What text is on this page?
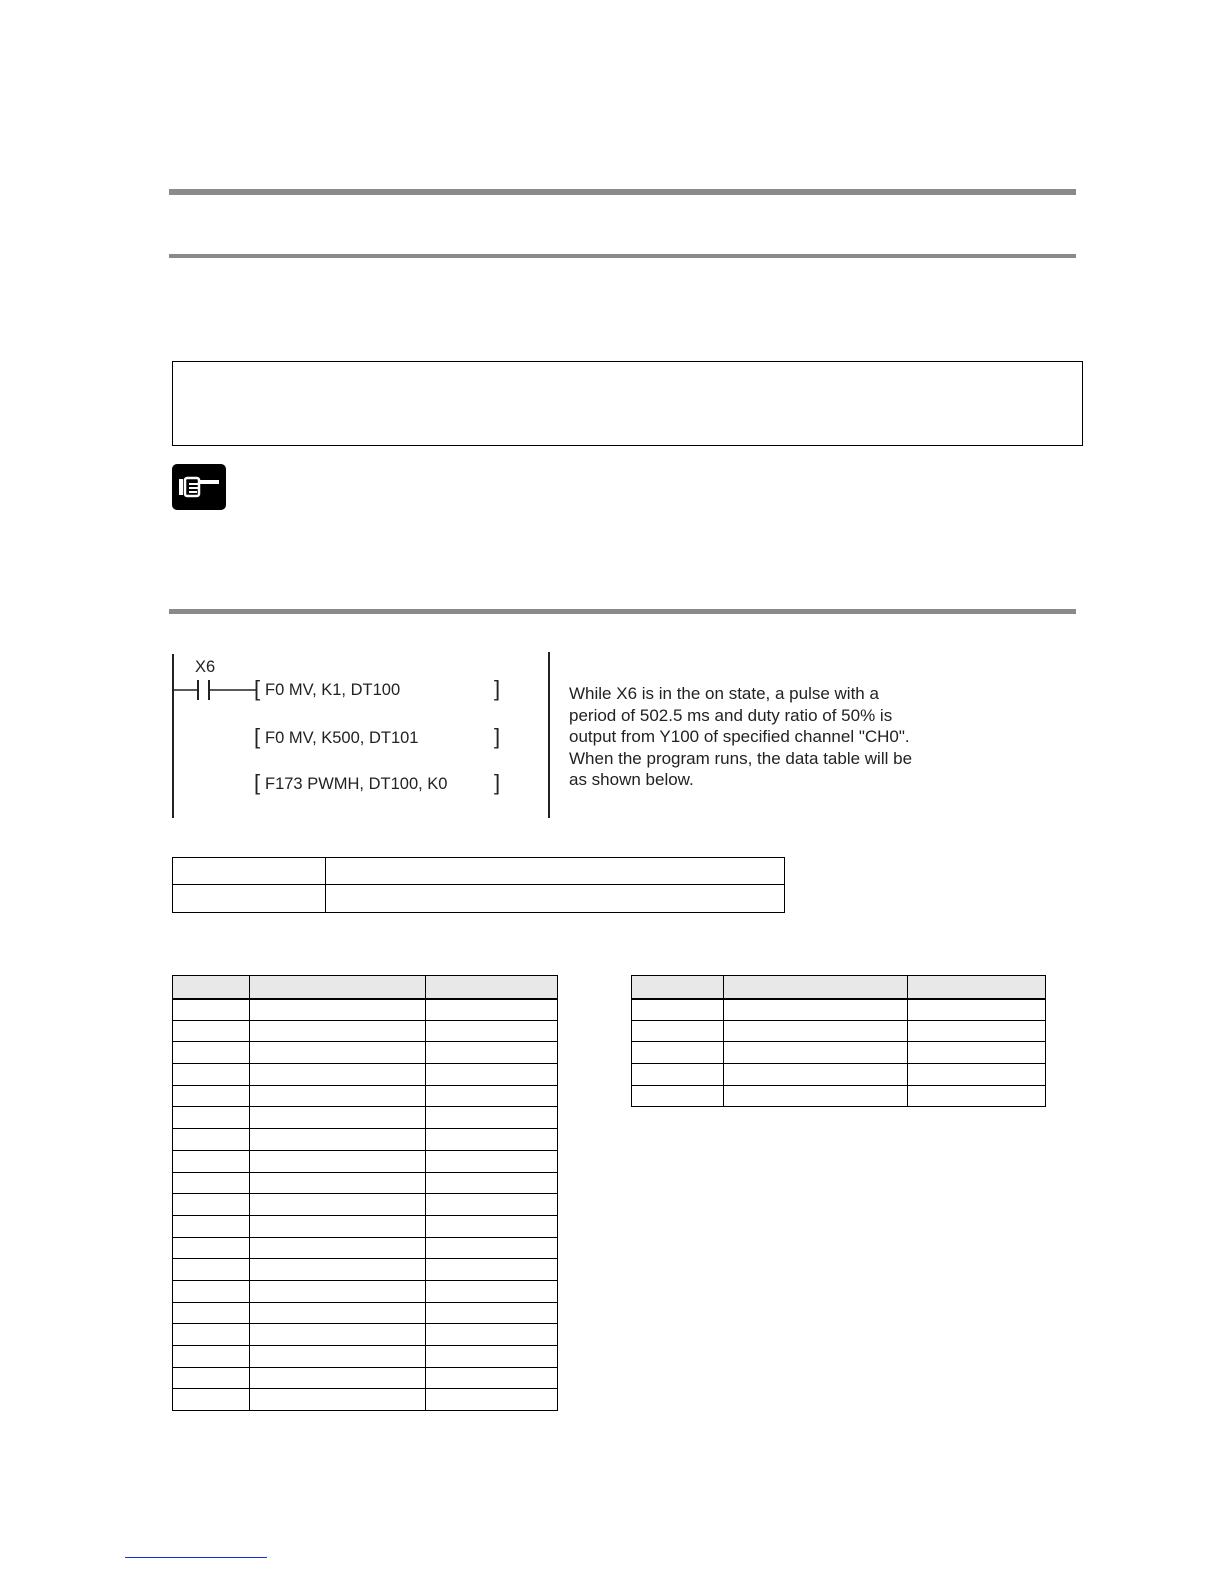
X6
[ F0 MV, K1, DT100	]
[ F0 MV, K500, DT101	]
[ F173 PWMH, DT100, K0 ]

While X6 is in the on state, a pulse with a

period of 502.5 ms and duty ratio of 50% is

output from Y100 of specified channel "CH0".

When the program runs, the data table will be

as shown below.
